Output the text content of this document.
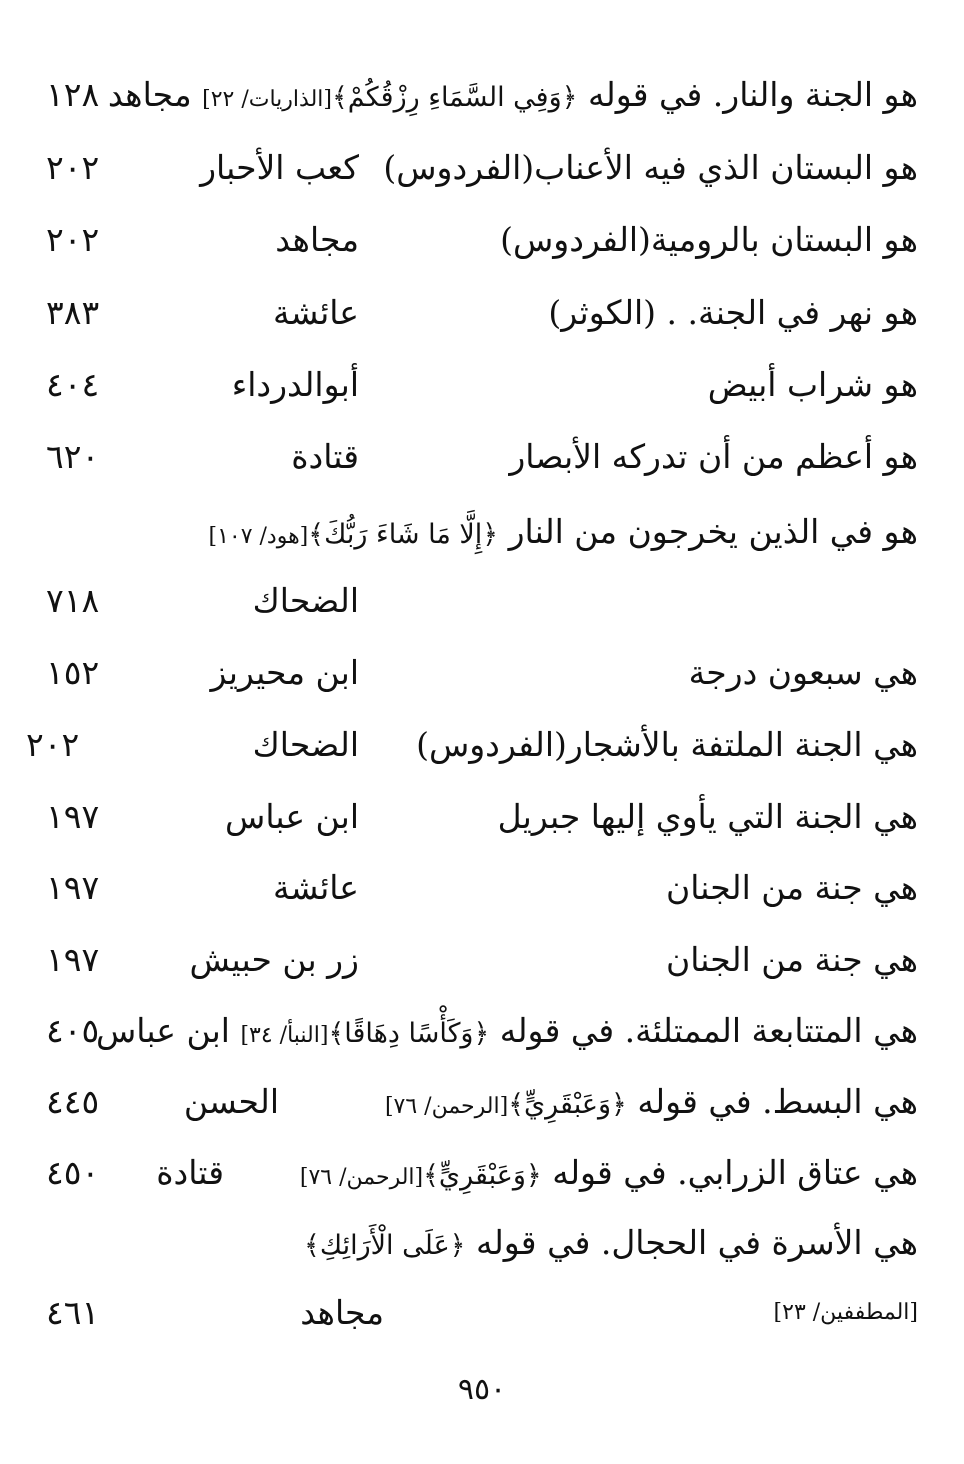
هو الجنة والنار. في قوله ﴿وَفِي السَّمَاءِ رِزْقُكُمْ﴾[الذاريات/ ٢٢] مجاهد
١٢٨
هو البستان الذي فيه الأعناب(الفردوس)
كعب الأحبار
٢٠٢
هو البستان بالرومية(الفردوس)
مجاهد
٢٠٢
هو نهر في الجنة. . (الكوثر)
عائشة
٣٨٣
هو شراب أبيض
أبوالدرداء
٤٠٤
هو أعظم من أن تدركه الأبصار
قتادة
٦٢٠
هو في الذين يخرجون من النار ﴿إِلَّا مَا شَاءَ رَبُّكَ﴾[هود/ ١٠٧]
الضحاك
٧١٨
هي سبعون درجة
ابن محيريز
١٥٢
هي الجنة الملتفة بالأشجار(الفردوس)
الضحاك
٢٠٢
هي الجنة التي يأوي إليها جبريل
ابن عباس
١٩٧
هي جنة من الجنان
عائشة
١٩٧
هي جنة من الجنان
زر بن حبيش
١٩٧
هي المتتابعة الممتلئة. في قوله ﴿وَكَأْسًا دِهَاقًا﴾[النبأ/ ٣٤] ابن عباس
٤٠٥
هي البسط. في قوله ﴿وَعَبْقَرِيٍّ﴾[الرحمن/ ٧٦]
الحسن
٤٤٥
هي عتاق الزرابي. في قوله ﴿وَعَبْقَرِيٍّ﴾[الرحمن/ ٧٦]
قتادة
٤٥٠
هي الأسرة في الحجال. في قوله ﴿عَلَى الْأَرَائِكِ﴾
[المطففين/ ٢٣]
مجاهد
٤٦١
٩٥٠
